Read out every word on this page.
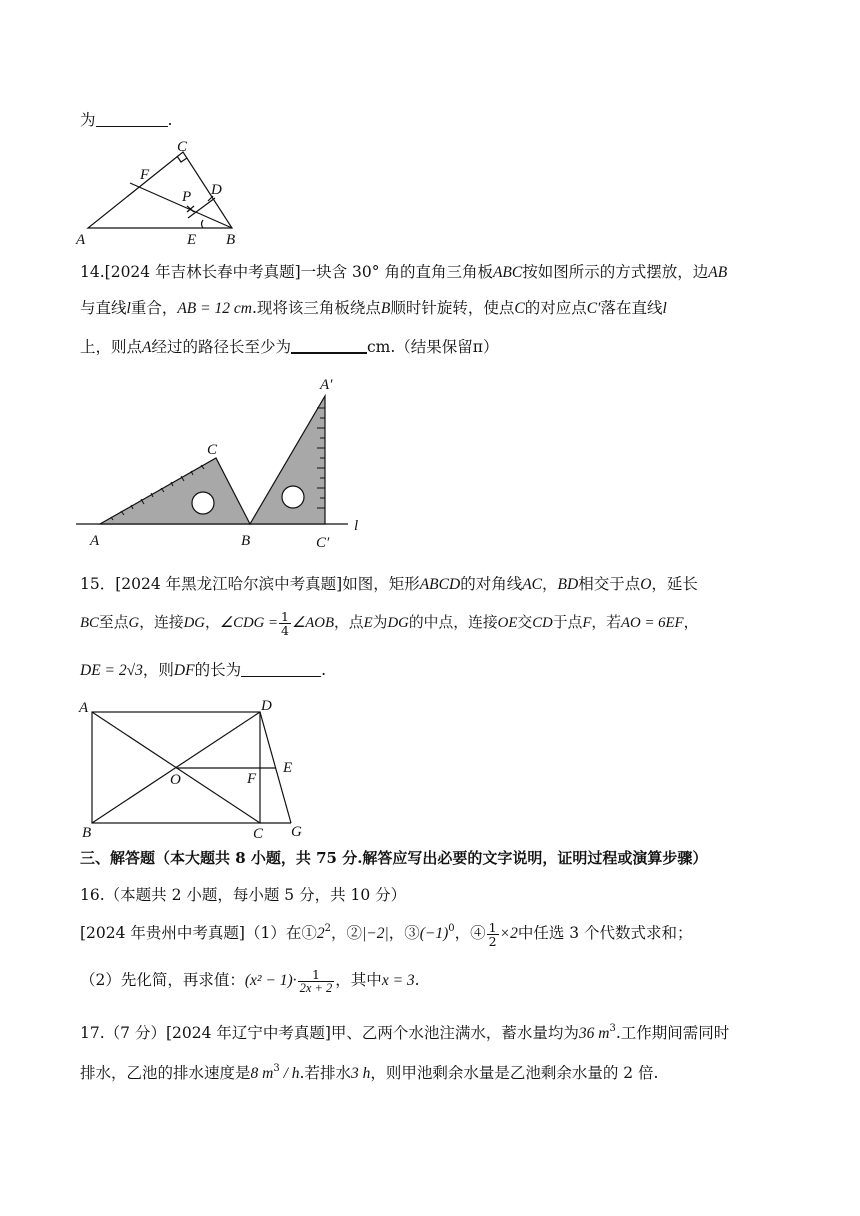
为	.
A	B
C
D
E
F
P
14.[2024 年吉林长春中考真题]一块含 30° 角的直角三角板ABC按如图所示的方式摆放，边AB
与直线l重合，AB = 12 cm.现将该三角板绕点B顺时针旋转，使点C的对应点C′落在直线l
上，则点A经过的路径长至少为	cm.（结果保留π）
A	B
C
A′
C′
l
15．[2024 年黑龙江哈尔滨中考真题]如图，矩形ABCD的对角线AC，BD相交于点O，延长
BC至点G，连接DG，∠CDG = $\frac{1}{4}$ ∠AOB，点E为DG的中点，连接OE交CD于点F，若AO = 6EF，
DE = 2√3，则DF的长为	.
A	D
B	C G
E
F
O
三、解答题（本大题共 8 小题，共 75 分.解答应写出必要的文字说明，证明过程或演算步骤）
16.（本题共 2 小题，每小题 5 分，共 10 分）
[2024 年贵州中考真题]（1）在$①2^2$，②|−2|，$③(-1)^0$，④ $\frac{1}{2} \times 2$中任选 3 个代数式求和；
（2）先化简，再求值：$(x^2 - 1)\cdot \frac{1}{2x + 2}$ ，其中x = 3.
17.（7 分）[2024 年辽宁中考真题]甲、乙两个水池注满水，蓄水量均为36 $m^3$.工作期间需同时
排水，乙池的排水速度是8 $m^3$ / h.若排水3 h，则甲池剩余水量是乙池剩余水量的 2 倍.
